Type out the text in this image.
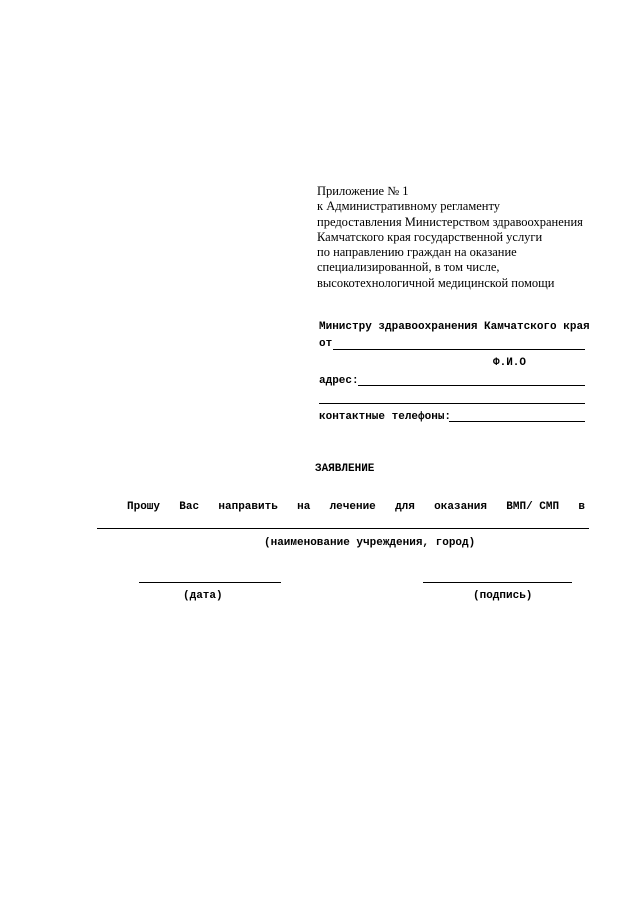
Приложение № 1
к Административному регламенту
предоставления Министерством здравоохранения
Камчатского края государственной услуги
по направлению граждан на оказание
специализированной, в том числе,
высокотехнологичной медицинской помощи
Министру здравоохранения Камчатского края
от
Ф.И.О
адрес:
контактные телефоны:
ЗАЯВЛЕНИЕ
Прошу Вас направить на лечение для оказания ВМП/ СМП в
(наименование учреждения, город)
(дата)	(подпись)
